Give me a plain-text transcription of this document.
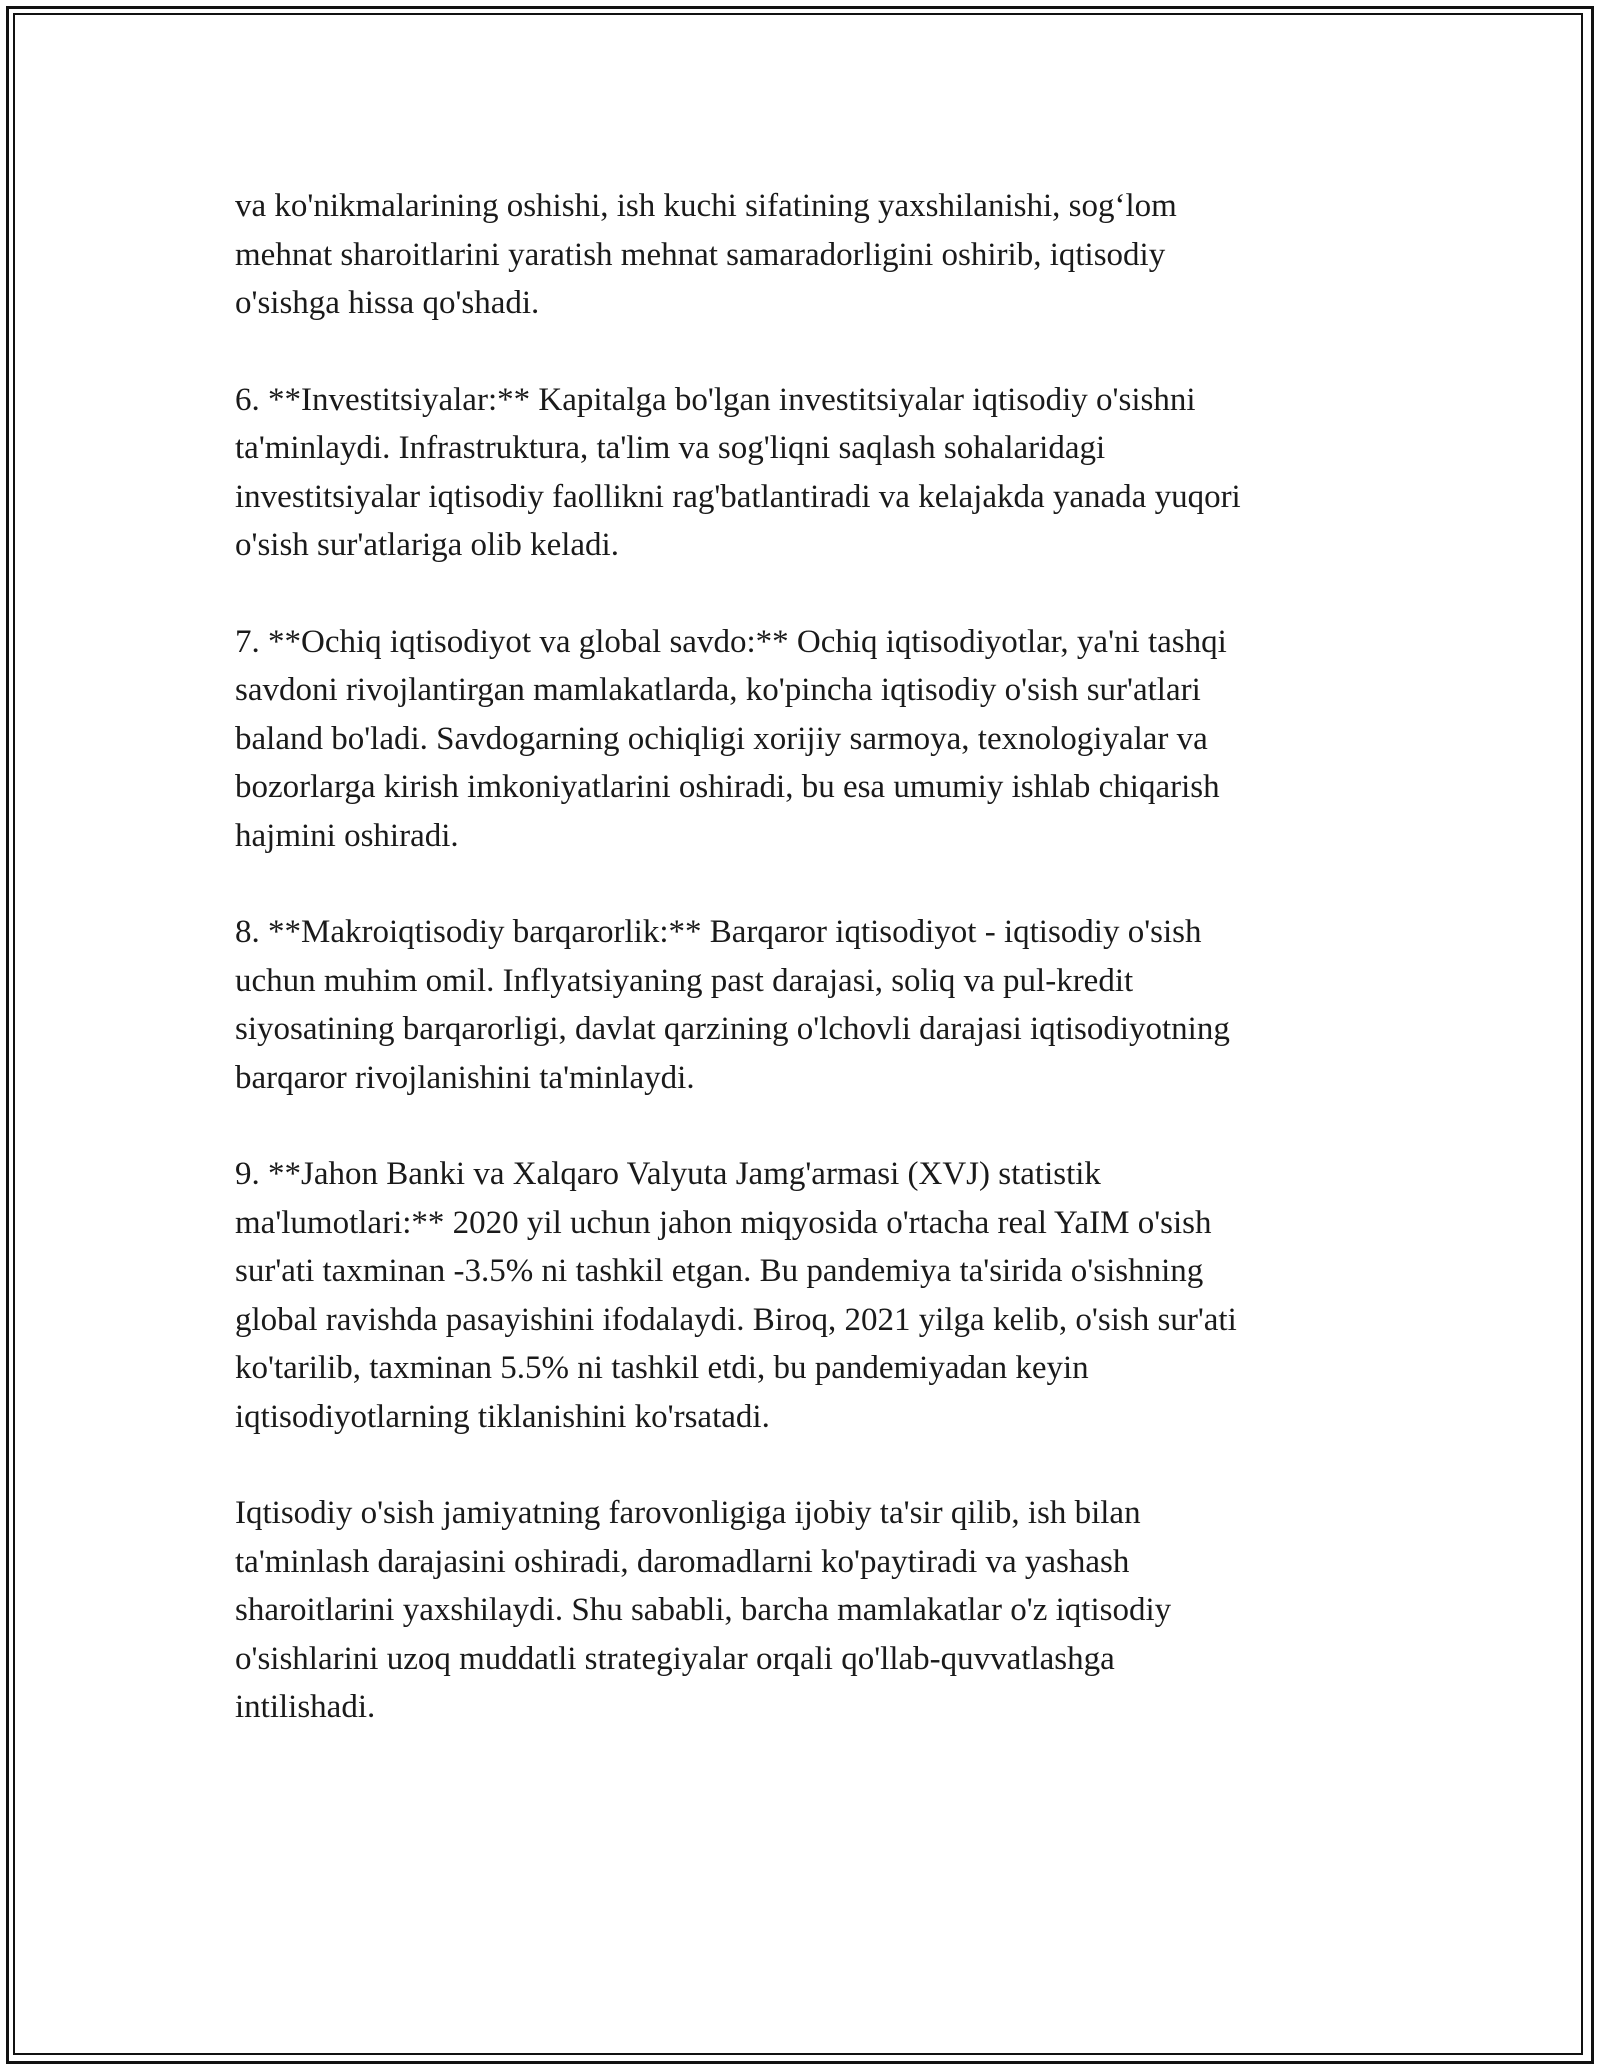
va ko'nikmalarining oshishi, ish kuchi sifatining yaxshilanishi, sog‘lom
mehnat sharoitlarini yaratish mehnat samaradorligini oshirib, iqtisodiy
o'sishga hissa qo'shadi.

6. **Investitsiyalar:** Kapitalga bo'lgan investitsiyalar iqtisodiy o'sishni
ta'minlaydi. Infrastruktura, ta'lim va sog'liqni saqlash sohalaridagi
investitsiyalar iqtisodiy faollikni rag'batlantiradi va kelajakda yanada yuqori
o'sish sur'atlariga olib keladi.

7. **Ochiq iqtisodiyot va global savdo:** Ochiq iqtisodiyotlar, ya'ni tashqi
savdoni rivojlantirgan mamlakatlarda, ko'pincha iqtisodiy o'sish sur'atlari
baland bo'ladi. Savdogarning ochiqligi xorijiy sarmoya, texnologiyalar va
bozorlarga kirish imkoniyatlarini oshiradi, bu esa umumiy ishlab chiqarish
hajmini oshiradi.

8. **Makroiqtisodiy barqarorlik:** Barqaror iqtisodiyot - iqtisodiy o'sish
uchun muhim omil. Inflyatsiyaning past darajasi, soliq va pul-kredit
siyosatining barqarorligi, davlat qarzining o'lchovli darajasi iqtisodiyotning
barqaror rivojlanishini ta'minlaydi.

9. **Jahon Banki va Xalqaro Valyuta Jamg'armasi (XVJ) statistik
ma'lumotlari:** 2020 yil uchun jahon miqyosida o'rtacha real YaIM o'sish
sur'ati taxminan -3.5% ni tashkil etgan. Bu pandemiya ta'sirida o'sishning
global ravishda pasayishini ifodalaydi. Biroq, 2021 yilga kelib, o'sish sur'ati
ko'tarilib, taxminan 5.5% ni tashkil etdi, bu pandemiyadan keyin
iqtisodiyotlarning tiklanishini ko'rsatadi.

Iqtisodiy o'sish jamiyatning farovonligiga ijobiy ta'sir qilib, ish bilan
ta'minlash darajasini oshiradi, daromadlarni ko'paytiradi va yashash
sharoitlarini yaxshilaydi. Shu sababli, barcha mamlakatlar o'z iqtisodiy
o'sishlarini uzoq muddatli strategiyalar orqali qo'llab-quvvatlashga
intilishadi.
